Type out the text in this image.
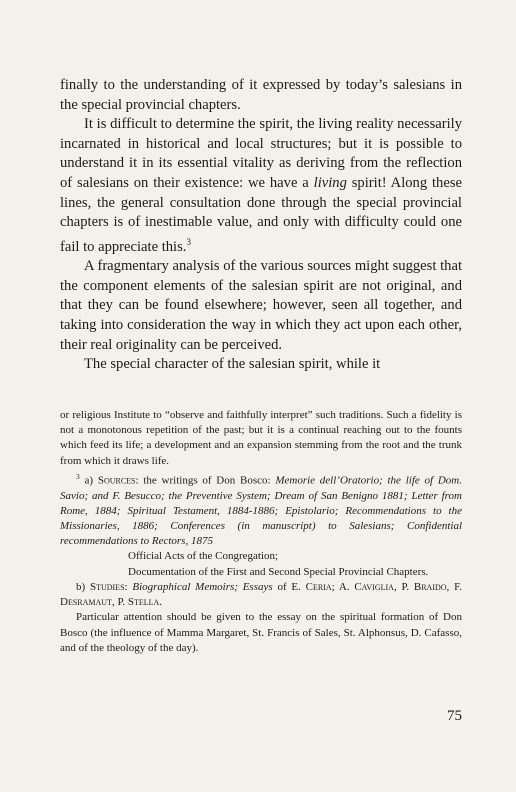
finally to the understanding of it expressed by today’s salesians in the special provincial chapters.

It is difficult to determine the spirit, the living reality necessarily incarnated in historical and local structures; but it is possible to understand it in its essential vitality as deriving from the reflection of salesians on their existence: we have a living spirit! Along these lines, the general consultation done through the special provincial chapters is of inestimable value, and only with difficulty could one fail to appreciate this.$^3$

A fragmentary analysis of the various sources might suggest that the component elements of the salesian spirit are not original, and that they can be found elsewhere; however, seen all together, and taking into consideration the way in which they act upon each other, their real originality can be perceived.

The special character of the salesian spirit, while it

or religious Institute to “observe and faithfully interpret” such traditions. Such a fidelity is not a monotonous repetition of the past; but it is a continual reaching out to the founts which feed its life; a development and an expansion stemming from the root and the trunk from which it draws life.

$^3$ a) Sources: the writings of Don Bosco: Memorie dell’Oratorio; the life of Dom. Savio; and F. Besucco; the Preventive System; Dream of San Benigno 1881; Letter from Rome, 1884; Spiritual Testament, 1884-1886; Epistolario; Recommendations to the Missionaries, 1886; Conferences (in manuscript) to Salesians; Confidential recommendations to Rectors, 1875

Official Acts of the Congregation;

Documentation of the First and Second Special Provincial Chapters.

b) Studies: Biographical Memoirs; Essays of E. Ceria; A. Caviglia, P. Braido, F. Desramaut, P. Stella.

Particular attention should be given to the essay on the spiritual formation of Don Bosco (the influence of Mamma Margaret, St. Francis of Sales, St. Alphonsus, D. Cafasso, and of the theology of the day).

75
